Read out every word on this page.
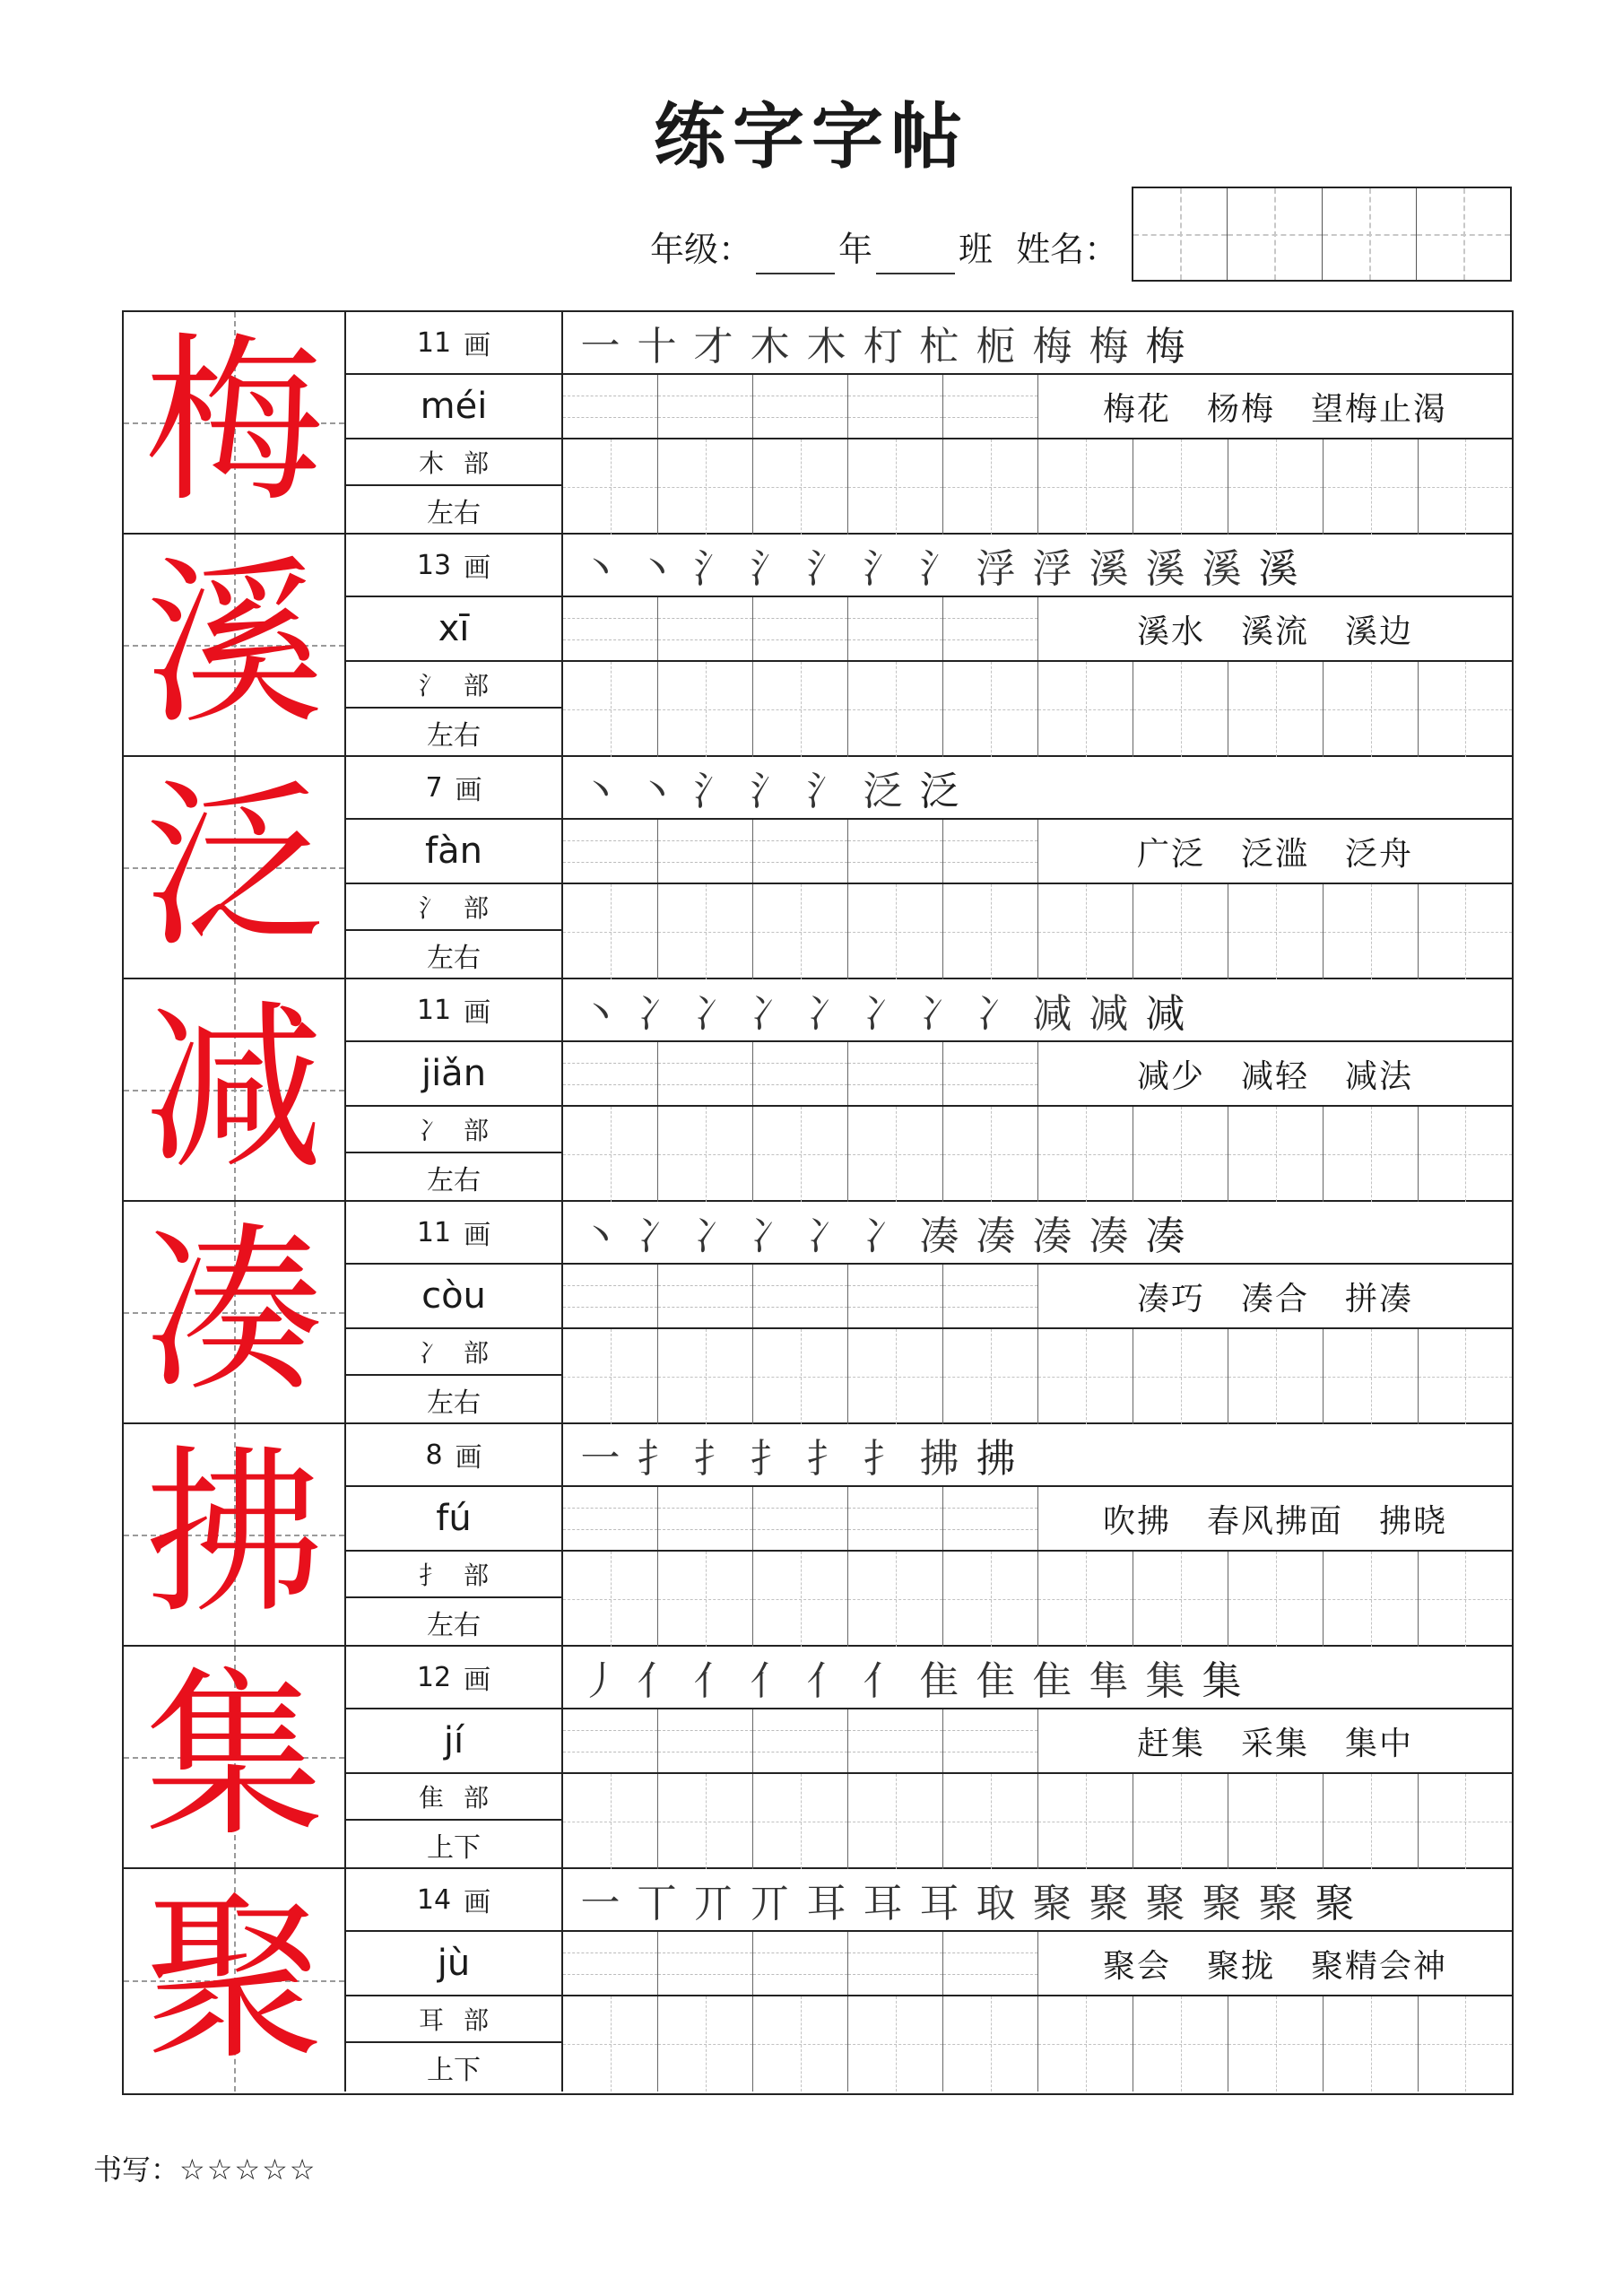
练字字帖
年级：	年	班 姓名：
梅	11 画
méi
木 部
左右
一 十 才 木 木 朾 杧 枙 梅 梅 梅
梅花 杨梅 望梅止渴
溪	13 画
xī
氵 部
左右
丶 丶 氵 氵 氵 氵 氵 浮 浮 溪 溪 溪 溪
溪水 溪流 溪边
泛	7 画
fàn
氵 部
左右
丶 丶 氵 氵 氵 泛 泛
广泛 泛滥 泛舟
减	11 画
jiǎn
冫 部
左右
丶 冫 冫 冫 冫 冫 冫 冫 减 减 减
减少 减轻 减法
凑	11 画
còu
冫 部
左右
丶 冫 冫 冫 冫 冫 凑 凑 凑 凑 凑
凑巧 凑合 拼凑
拂	8 画
fú
扌 部
左右
一 扌 扌 扌 扌 扌 拂 拂
吹拂 春风拂面 拂晓
集	12 画
jí
隹 部
上下
丿 亻 亻 亻 亻 亻 隹 隹 隹 隼 集 集
赶集 采集 集中
聚	14 画
jù
耳 部
上下
一 丅 丌 丌 耳 耳 耳 取 聚 聚 聚 聚 聚 聚
聚会 聚拢 聚精会神
书写：☆☆☆☆☆
